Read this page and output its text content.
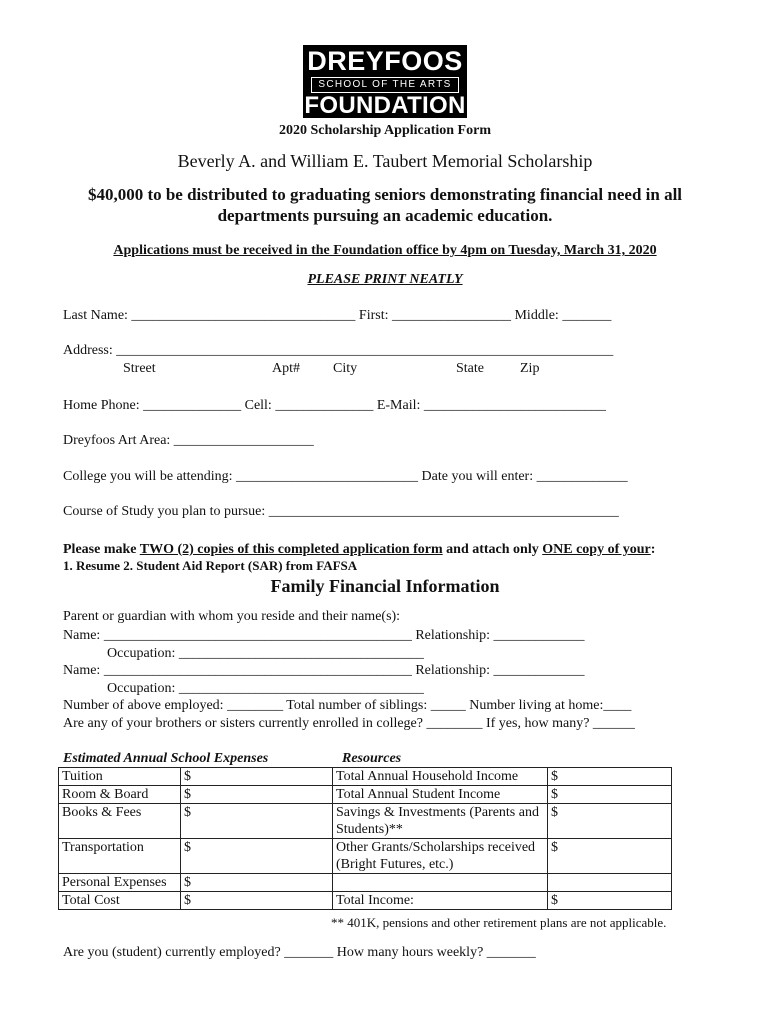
DREYFOOS
SCHOOL OF THE ARTS
FOUNDATION
2020 Scholarship Application Form
Beverly A. and William E. Taubert Memorial Scholarship
$40,000 to be distributed to graduating seniors demonstrating financial need in all
departments pursuing an academic education.
Applications must be received in the Foundation office by 4pm on Tuesday, March 31, 2020
PLEASE PRINT NEATLY
Last Name: ________________________________ First: _________________ Middle: _______
Address: _______________________________________________________________________
Street	Apt# City	State	Zip
Home Phone: ______________ Cell: ______________ E-Mail: __________________________
Dreyfoos Art Area: ____________________
College you will be attending: __________________________ Date you will enter: _____________
Course of Study you plan to pursue: __________________________________________________
Please make TWO (2) copies of this completed application form and attach only ONE copy of your:
1. Resume 2. Student Aid Report (SAR) from FAFSA
Family Financial Information
Parent or guardian with whom you reside and their name(s):
Name: ____________________________________________ Relationship: _____________
Occupation: ___________________________________
Name: ____________________________________________ Relationship: _____________
Occupation: ___________________________________
Number of above employed: ________ Total number of siblings: _____ Number living at home:____
Are any of your brothers or sisters currently enrolled in college? ________ If yes, how many? ______
Estimated Annual School Expenses	Resources
Tuition	$	Total Annual Household Income	$
Room & Board	$	Total Annual Student Income	$
Books & Fees	$	Savings & Investments (Parents and Students)**	$
Transportation	$	Other Grants/Scholarships received (Bright Futures, etc.)	$
Personal Expenses	$		
Total Cost	$	Total Income:	$
** 401K, pensions and other retirement plans are not applicable.
Are you (student) currently employed? _______ How many hours weekly? _______
